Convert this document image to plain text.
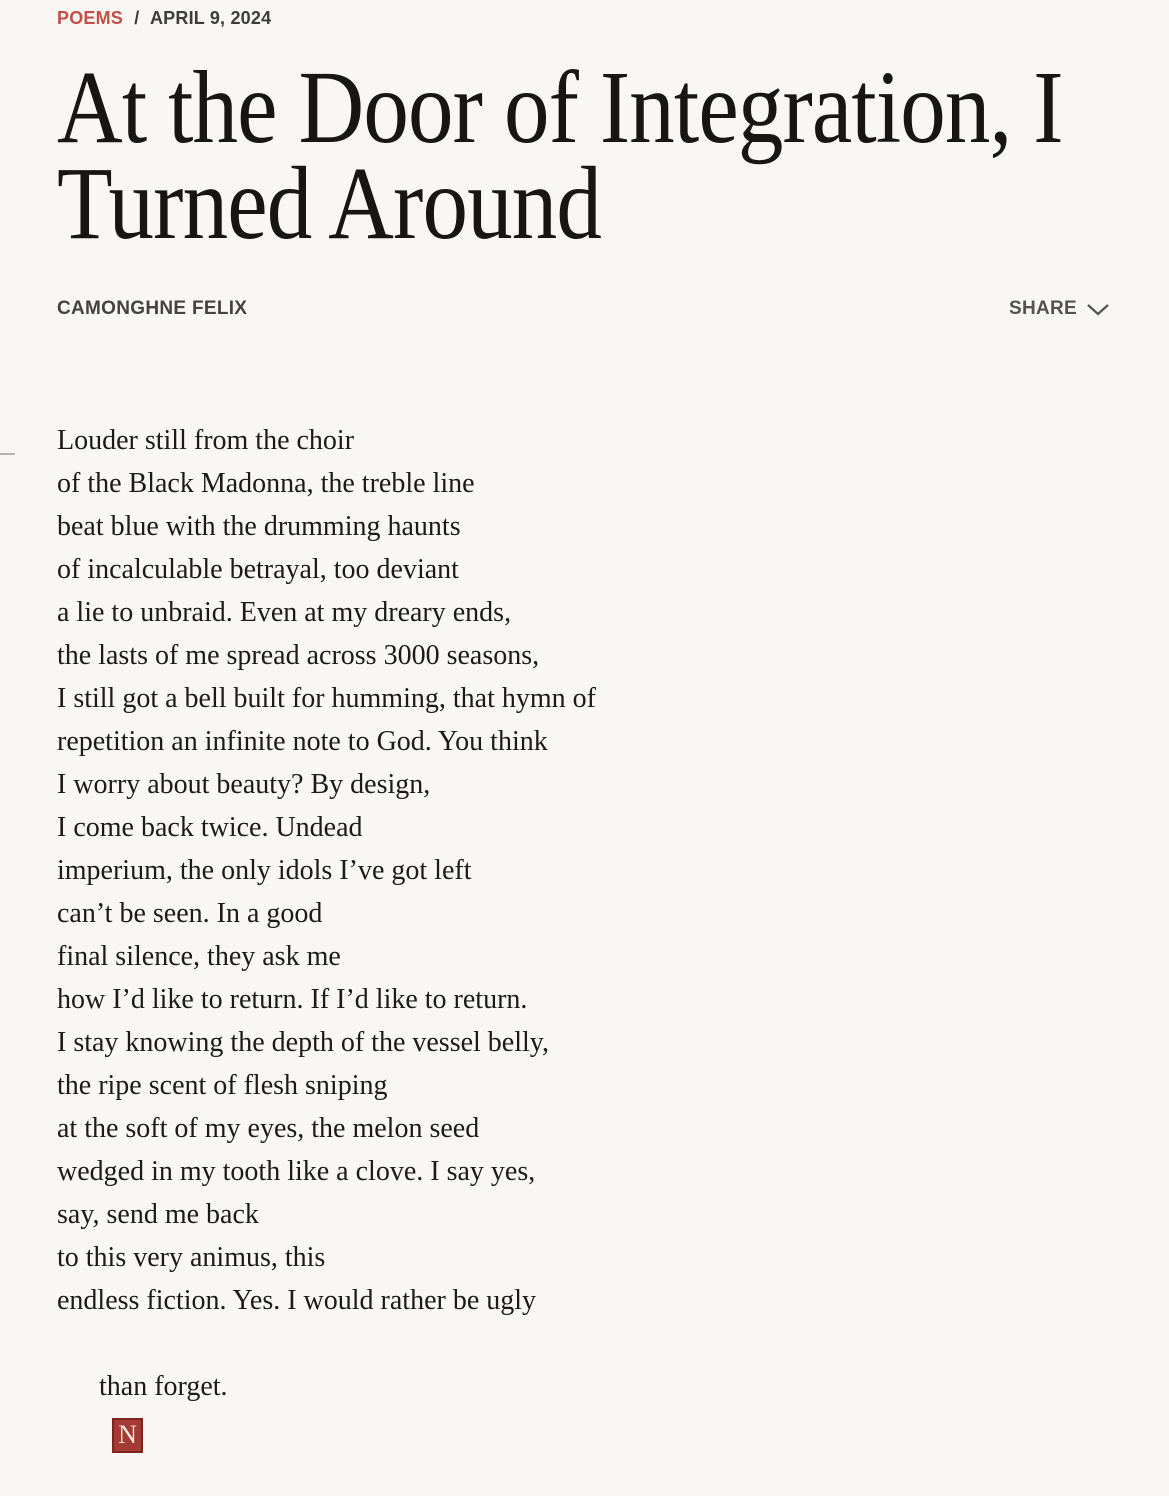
POEMS / APRIL 9, 2024
At the Door of Integration, I Turned Around
CAMONGHNE FELIX	SHARE
Louder still from the choir
of the Black Madonna, the treble line
beat blue with the drumming haunts
of incalculable betrayal, too deviant
a lie to unbraid. Even at my dreary ends,
the lasts of me spread across 3000 seasons,
I still got a bell built for humming, that hymn of
repetition an infinite note to God. You think
I worry about beauty? By design,
I come back twice. Undead
imperium, the only idols I’ve got left
can’t be seen. In a good
final silence, they ask me
how I’d like to return. If I’d like to return.
I stay knowing the depth of the vessel belly,
the ripe scent of flesh sniping
at the soft of my eyes, the melon seed
wedged in my tooth like a clove. I say yes,
say, send me back
to this very animus, this
endless fiction. Yes. I would rather be ugly

than forget.
N
